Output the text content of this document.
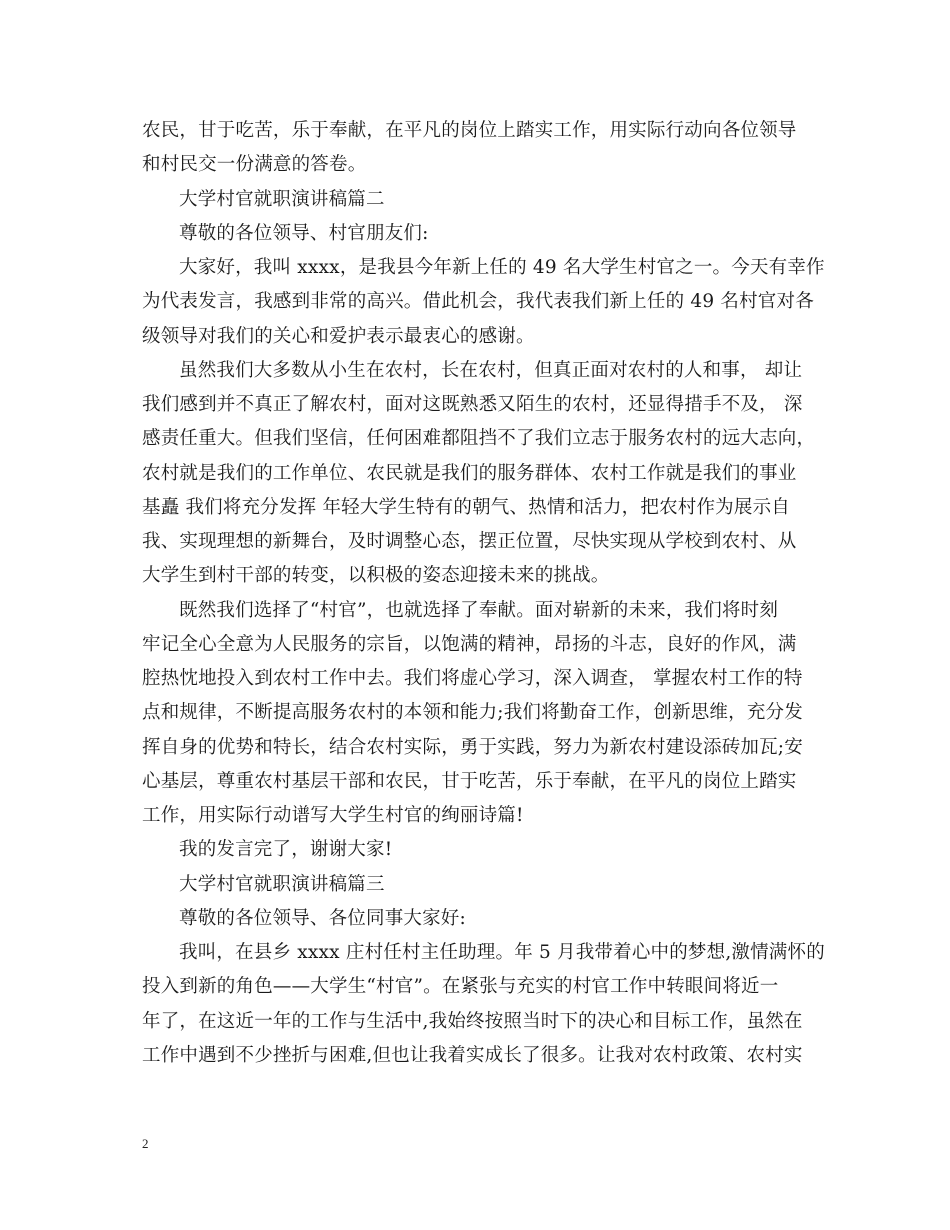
农民，甘于吃苦，乐于奉献，在平凡的岗位上踏实工作，用实际行动向各位领导
和村民交一份满意的答卷。
大学村官就职演讲稿篇二
尊敬的各位领导、村官朋友们:
大家好，我叫 xxxx，是我县今年新上任的 49 名大学生村官之一。今天有幸作
为代表发言，我感到非常的高兴。借此机会，我代表我们新上任的 49 名村官对各
级领导对我们的关心和爱护表示最衷心的感谢。
虽然我们大多数从小生在农村，长在农村，但真正面对农村的人和事， 却让
我们感到并不真正了解农村，面对这既熟悉又陌生的农村，还显得措手不及， 深
感责任重大。但我们坚信，任何困难都阻挡不了我们立志于服务农村的远大志向，
农村就是我们的工作单位、农民就是我们的服务群体、农村工作就是我们的事业
基矗 我们将充分发挥 年轻大学生特有的朝气、热情和活力，把农村作为展示自
我、实现理想的新舞台，及时调整心态，摆正位置，尽快实现从学校到农村、从
大学生到村干部的转变，以积极的姿态迎接未来的挑战。
既然我们选择了“村官”，也就选择了奉献。面对崭新的未来，我们将时刻
牢记全心全意为人民服务的宗旨，以饱满的精神，昂扬的斗志，良好的作风，满
腔热忱地投入到农村工作中去。我们将虚心学习，深入调查， 掌握农村工作的特
点和规律，不断提高服务农村的本领和能力;我们将勤奋工作，创新思维，充分发
挥自身的优势和特长，结合农村实际，勇于实践，努力为新农村建设添砖加瓦;安
心基层，尊重农村基层干部和农民，甘于吃苦，乐于奉献，在平凡的岗位上踏实
工作，用实际行动谱写大学生村官的绚丽诗篇!
我的发言完了，谢谢大家!
大学村官就职演讲稿篇三
尊敬的各位领导、各位同事大家好:
我叫，在县乡 xxxx 庄村任村主任助理。年 5 月我带着心中的梦想,激情满怀的
投入到新的角色——大学生“村官”。在紧张与充实的村官工作中转眼间将近一
年了，在这近一年的工作与生活中,我始终按照当时下的决心和目标工作，虽然在
工作中遇到不少挫折与困难,但也让我着实成长了很多。让我对农村政策、农村实
2
